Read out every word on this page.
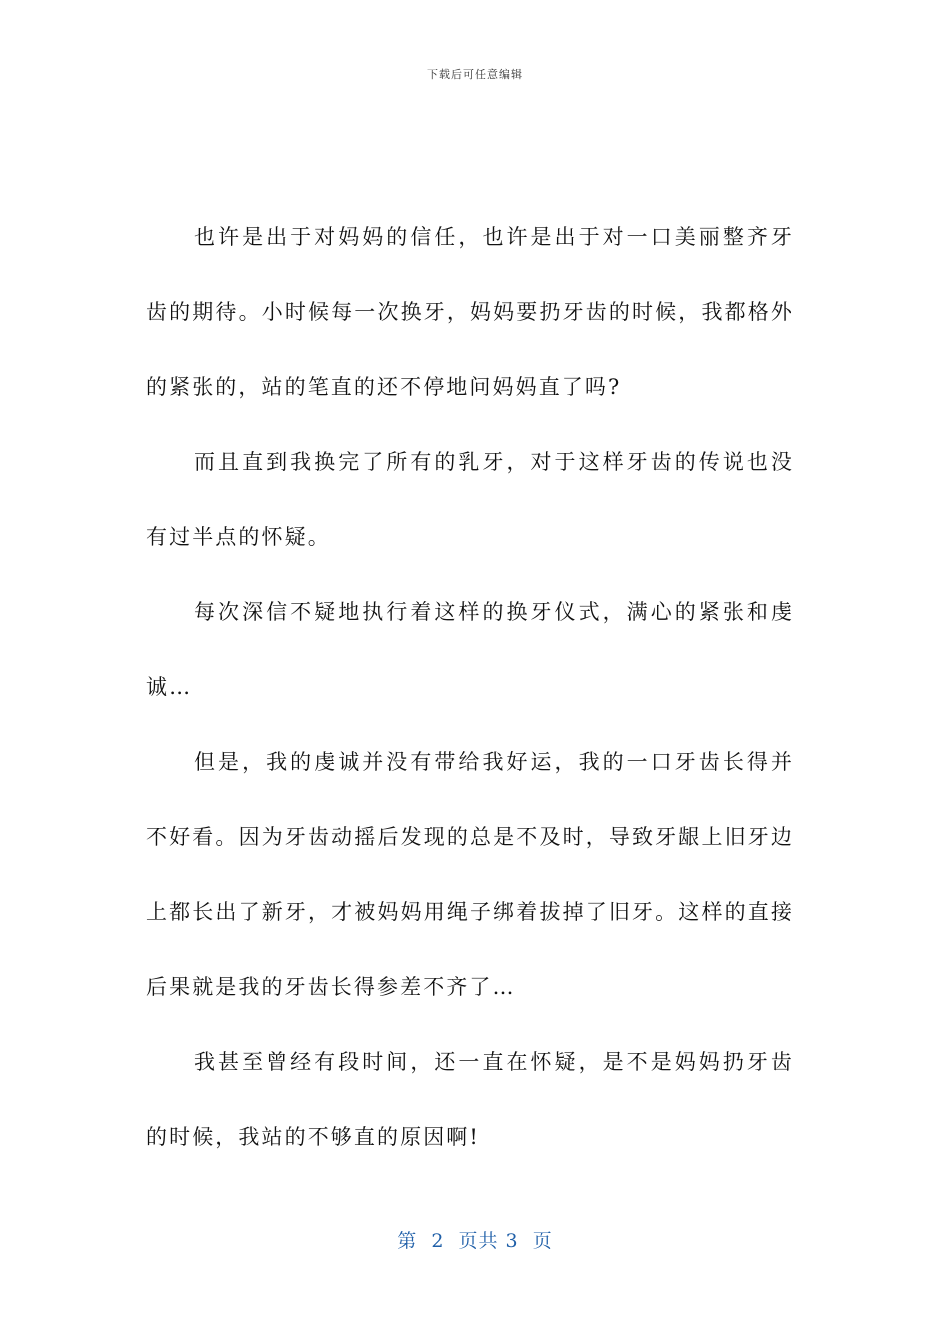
下载后可任意编辑

也许是出于对妈妈的信任，也许是出于对一口美丽整齐牙齿的期待。小时候每一次换牙，妈妈要扔牙齿的时候，我都格外的紧张的，站的笔直的还不停地问妈妈直了吗?

而且直到我换完了所有的乳牙，对于这样牙齿的传说也没有过半点的怀疑。

每次深信不疑地执行着这样的换牙仪式，满心的紧张和虔诚…

但是，我的虔诚并没有带给我好运，我的一口牙齿长得并不好看。因为牙齿动摇后发现的总是不及时，导致牙龈上旧牙边上都长出了新牙，才被妈妈用绳子绑着拔掉了旧牙。这样的直接后果就是我的牙齿长得参差不齐了…

我甚至曾经有段时间，还一直在怀疑，是不是妈妈扔牙齿的时候，我站的不够直的原因啊!

第  2  页共 3  页
